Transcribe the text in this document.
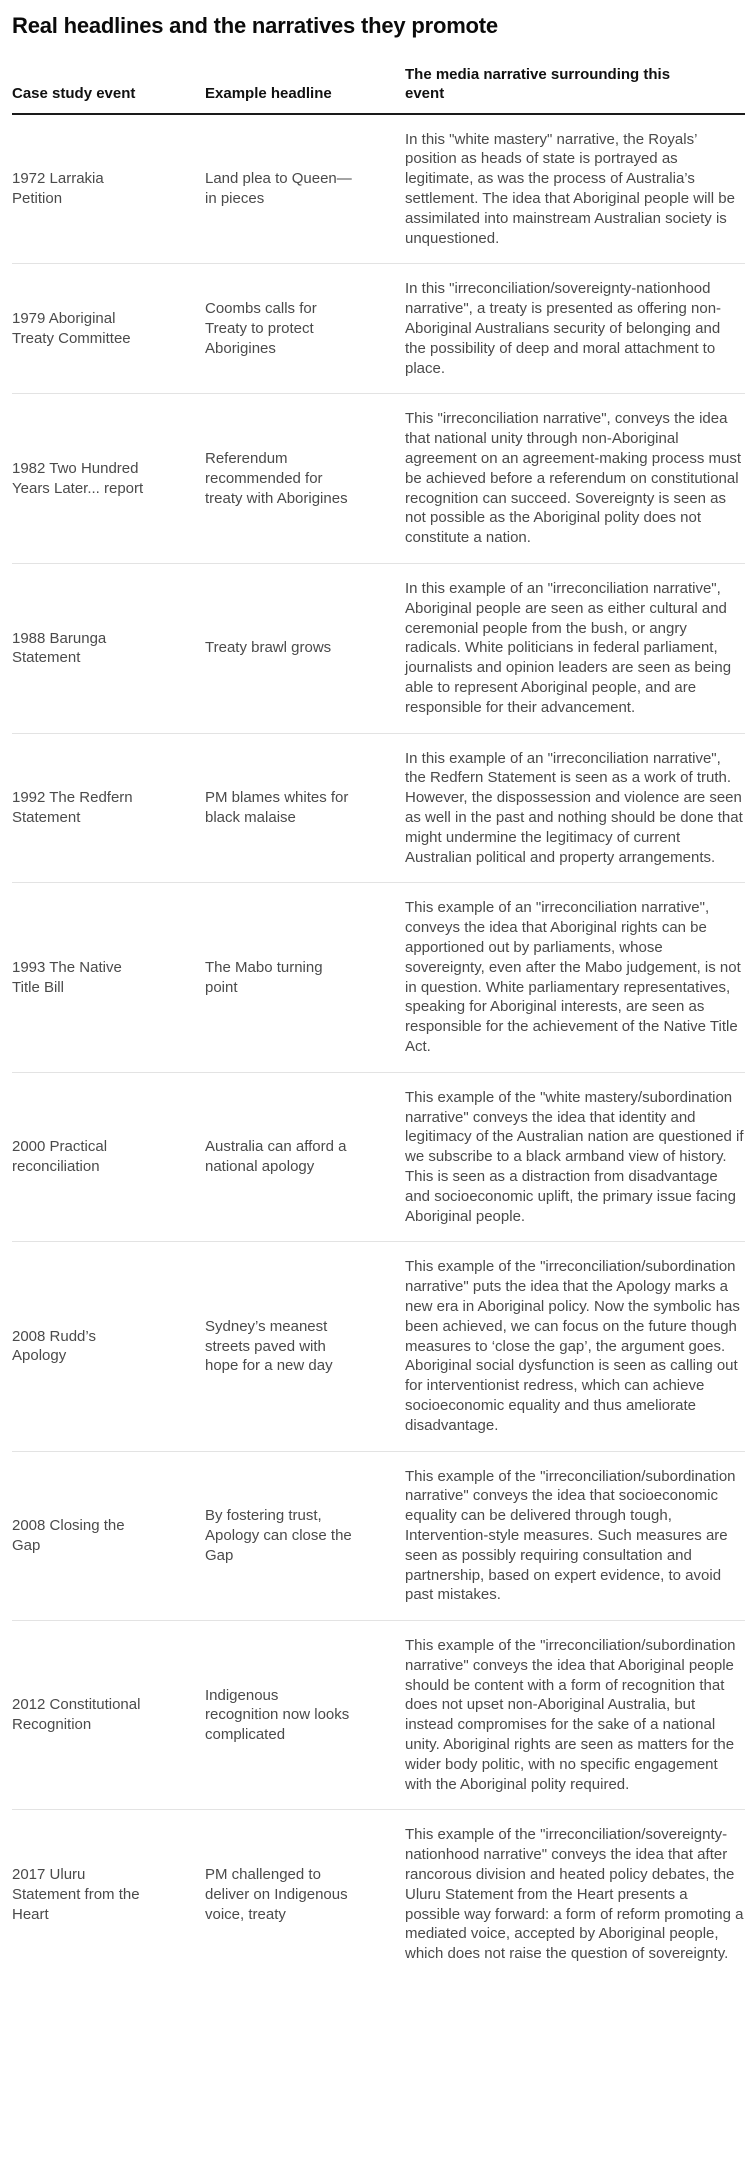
Real headlines and the narratives they promote
Case study event	Example headline	The media narrative surrounding this event
1972 Larrakia Petition	Land plea to Queen—in pieces	In this "white mastery" narrative, the Royals’ position as heads of state is portrayed as legitimate, as was the process of Australia’s settlement. The idea that Aboriginal people will be assimilated into mainstream Australian society is unquestioned.
1979 Aboriginal Treaty Committee	Coombs calls for Treaty to protect Aborigines	In this "irreconciliation/sovereignty-nationhood narrative", a treaty is presented as offering non-Aboriginal Australians security of belonging and the possibility of deep and moral attachment to place.
1982 Two Hundred Years Later... report	Referendum recommended for treaty with Aborigines	This "irreconciliation narrative", conveys the idea that national unity through non-Aboriginal agreement on an agreement-making process must be achieved before a referendum on constitutional recognition can succeed. Sovereignty is seen as not possible as the Aboriginal polity does not constitute a nation.
1988 Barunga Statement	Treaty brawl grows	In this example of an "irreconciliation narrative", Aboriginal people are seen as either cultural and ceremonial people from the bush, or angry radicals. White politicians in federal parliament, journalists and opinion leaders are seen as being able to represent Aboriginal people, and are responsible for their advancement.
1992 The Redfern Statement	PM blames whites for black malaise	In this example of an "irreconciliation narrative", the Redfern Statement is seen as a work of truth. However, the dispossession and violence are seen as well in the past and nothing should be done that might undermine the legitimacy of current Australian political and property arrangements.
1993 The Native Title Bill	The Mabo turning point	This example of an "irreconciliation narrative", conveys the idea that Aboriginal rights can be apportioned out by parliaments, whose sovereignty, even after the Mabo judgement, is not in question. White parliamentary representatives, speaking for Aboriginal interests, are seen as responsible for the achievement of the Native Title Act.
2000 Practical reconciliation	Australia can afford a national apology	This example of the "white mastery/subordination narrative" conveys the idea that identity and legitimacy of the Australian nation are questioned if we subscribe to a black armband view of history. This is seen as a distraction from disadvantage and socioeconomic uplift, the primary issue facing Aboriginal people.
2008 Rudd’s Apology	Sydney’s meanest streets paved with hope for a new day	This example of the "irreconciliation/subordination narrative" puts the idea that the Apology marks a new era in Aboriginal policy. Now the symbolic has been achieved, we can focus on the future though measures to ‘close the gap’, the argument goes. Aboriginal social dysfunction is seen as calling out for interventionist redress, which can achieve socioeconomic equality and thus ameliorate disadvantage.
2008 Closing the Gap	By fostering trust, Apology can close the Gap	This example of the "irreconciliation/subordination narrative" conveys the idea that socioeconomic equality can be delivered through tough, Intervention-style measures. Such measures are seen as possibly requiring consultation and partnership, based on expert evidence, to avoid past mistakes.
2012 Constitutional Recognition	Indigenous recognition now looks complicated	This example of the "irreconciliation/subordination narrative" conveys the idea that Aboriginal people should be content with a form of recognition that does not upset non-Aboriginal Australia, but instead compromises for the sake of a national unity. Aboriginal rights are seen as matters for the wider body politic, with no specific engagement with the Aboriginal polity required.
2017 Uluru Statement from the Heart	PM challenged to deliver on Indigenous voice, treaty	This example of the "irreconciliation/sovereignty-nationhood narrative" conveys the idea that after rancorous division and heated policy debates, the Uluru Statement from the Heart presents a possible way forward: a form of reform promoting a mediated voice, accepted by Aboriginal people, which does not raise the question of sovereignty.
